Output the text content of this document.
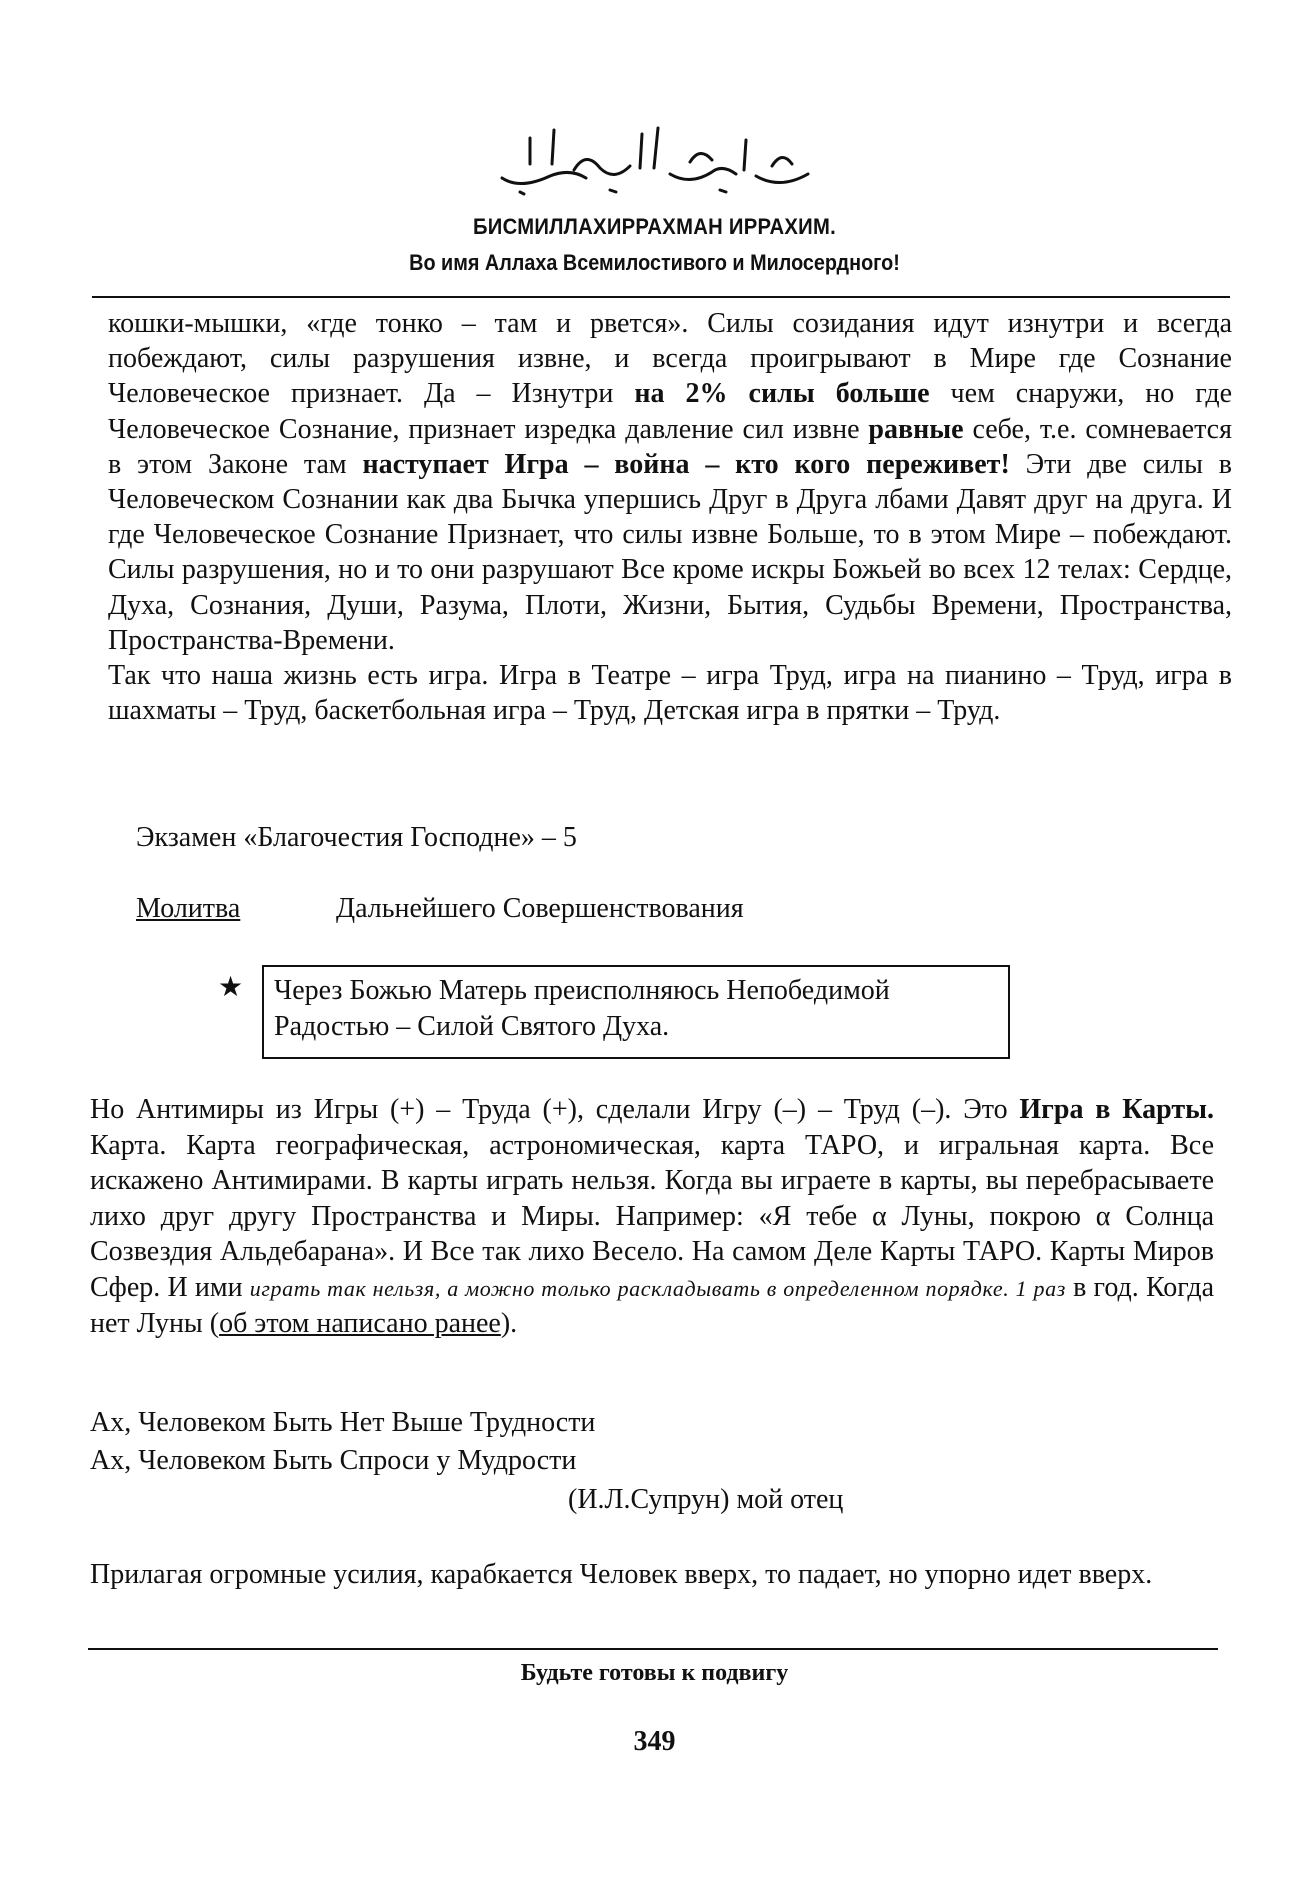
БИСМИЛЛАХИРРАХМАН ИРРАХИМ.
Во имя Аллаха Всемилостивого и Милосердного!

кошки-мышки, «где тонко – там и рвется». Силы созидания идут изнутри и всегда побеждают, силы разрушения извне, и всегда проигрывают в Мире где Сознание Человеческое признает. Да – Изнутри на 2% силы больше чем снаружи, но где Человеческое Сознание, признает изредка давление сил извне равные себе, т.е. сомневается в этом Законе там наступает Игра – война – кто кого переживет! Эти две силы в Человеческом Сознании как два Бычка упершись Друг в Друга лбами Давят друг на друга. И где Человеческое Сознание Признает, что силы извне Больше, то в этом Мире – побеждают. Силы разрушения, но и то они разрушают Все кроме искры Божьей во всех 12 телах: Сердце, Духа, Сознания, Души, Разума, Плоти, Жизни, Бытия, Судьбы Времени, Пространства, Пространства-Времени.

Так что наша жизнь есть игра. Игра в Театре – игра Труд, игра на пианино – Труд, игра в шахматы – Труд, баскетбольная игра – Труд, Детская игра в прятки – Труд.

Экзамен «Благочестия Господне» – 5
Молитва	Дальнейшего Совершенствования
★ Через Божью Матерь преисполняюсь Непобедимой
Радостью – Силой Святого Духа.
Но Антимиры из Игры (+) – Труда (+), сделали Игру (–) – Труд (–). Это Игра в Карты. Карта. Карта географическая, астрономическая, карта ТАРО, и игральная карта. Все искажено Антимирами. В карты играть нельзя. Когда вы играете в карты, вы перебрасываете лихо друг другу Пространства и Миры. Например: «Я тебе α Луны, покрою α Солнца Созвездия Альдебарана». И Все так лихо Весело. На самом Деле Карты ТАРО. Карты Миров Сфер. И ими играть так нельзя, а можно только раскладывать в определенном порядке. 1 раз в год. Когда нет Луны (об этом написано ранее).
Ах, Человеком Быть Нет Выше Трудности
Ах, Человеком Быть Спроси у Мудрости
(И.Л.Супрун) мой отец
Прилагая огромные усилия, карабкается Человек вверх, то падает, но упорно идет вверх.
Будьте готовы к подвигу
349
